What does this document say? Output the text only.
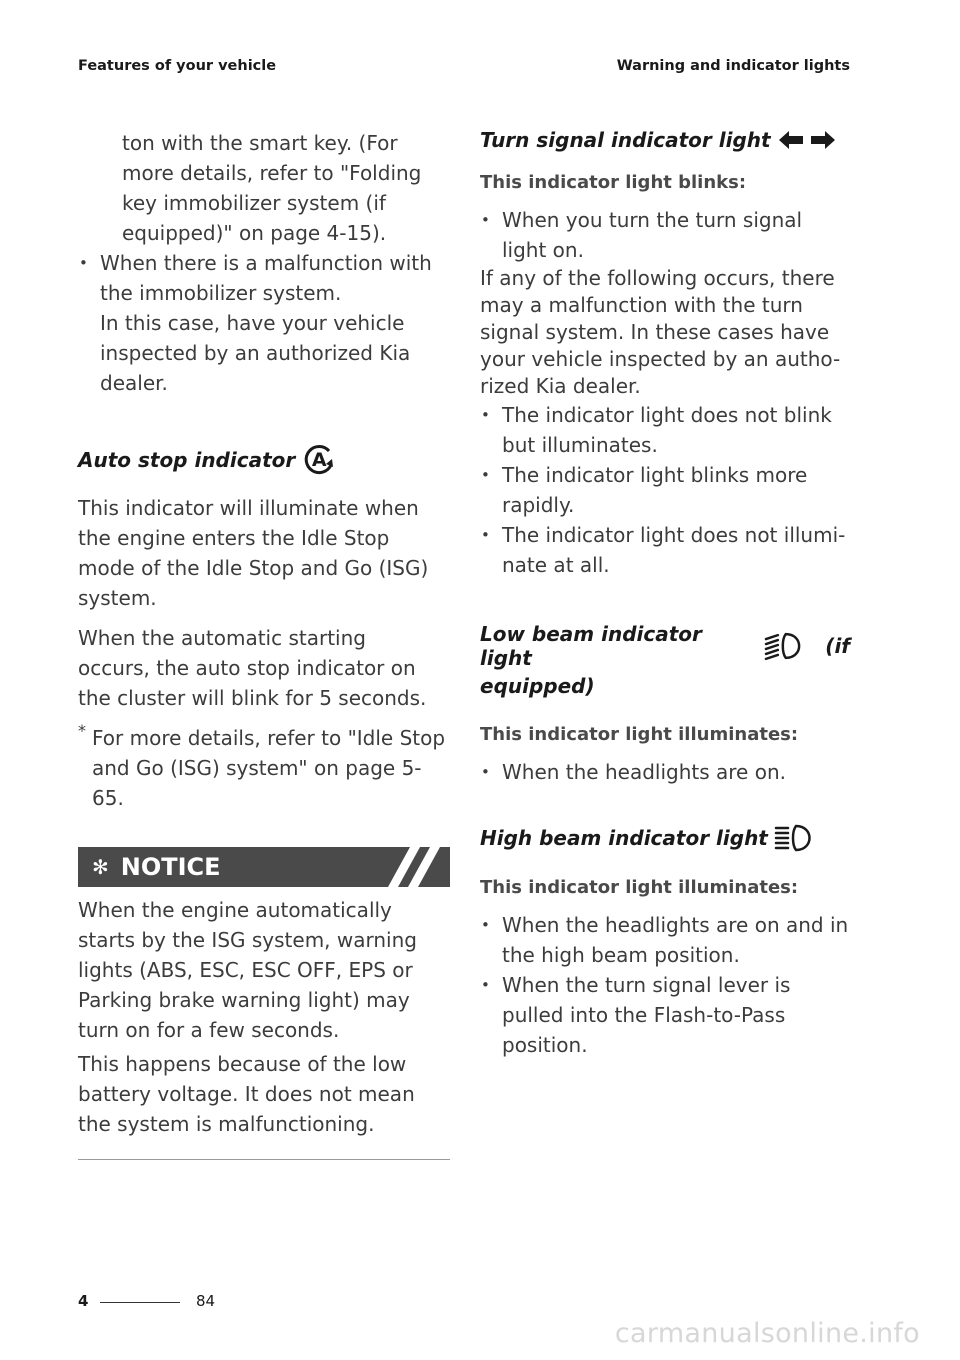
Features of your vehicle	Warning and indicator lights
ton with the smart key. (For
more details, refer to "Folding
key immobilizer system (if
equipped)" on page 4-15).
• When there is a malfunction with
the immobilizer system.
In this case, have your vehicle
inspected by an authorized Kia
dealer.
Auto stop indicator A
This indicator will illuminate when
the engine enters the Idle Stop
mode of the Idle Stop and Go (ISG)
system.
When the automatic starting
occurs, the auto stop indicator on
the cluster will blink for 5 seconds.
* For more details, refer to "Idle Stop
and Go (ISG) system" on page 5-
65.
✻ NOTICE
When the engine automatically
starts by the ISG system, warning
lights (ABS, ESC, ESC OFF, EPS or
Parking brake warning light) may
turn on for a few seconds.
This happens because of the low
battery voltage. It does not mean
the system is malfunctioning.
Turn signal indicator light
This indicator light blinks:
• When you turn the turn signal
light on.
If any of the following occurs, there
may a malfunction with the turn
signal system. In these cases have
your vehicle inspected by an autho-
rized Kia dealer.
• The indicator light does not blink
but illuminates.
• The indicator light blinks more
rapidly.
• The indicator light does not illumi-
nate at all.
Low beam indicator light	(if
equipped)
This indicator light illuminates:
• When the headlights are on.
High beam indicator light
This indicator light illuminates:
• When the headlights are on and in
the high beam position.
• When the turn signal lever is
pulled into the Flash-to-Pass
position.
4	84
carmanualsonline.info
